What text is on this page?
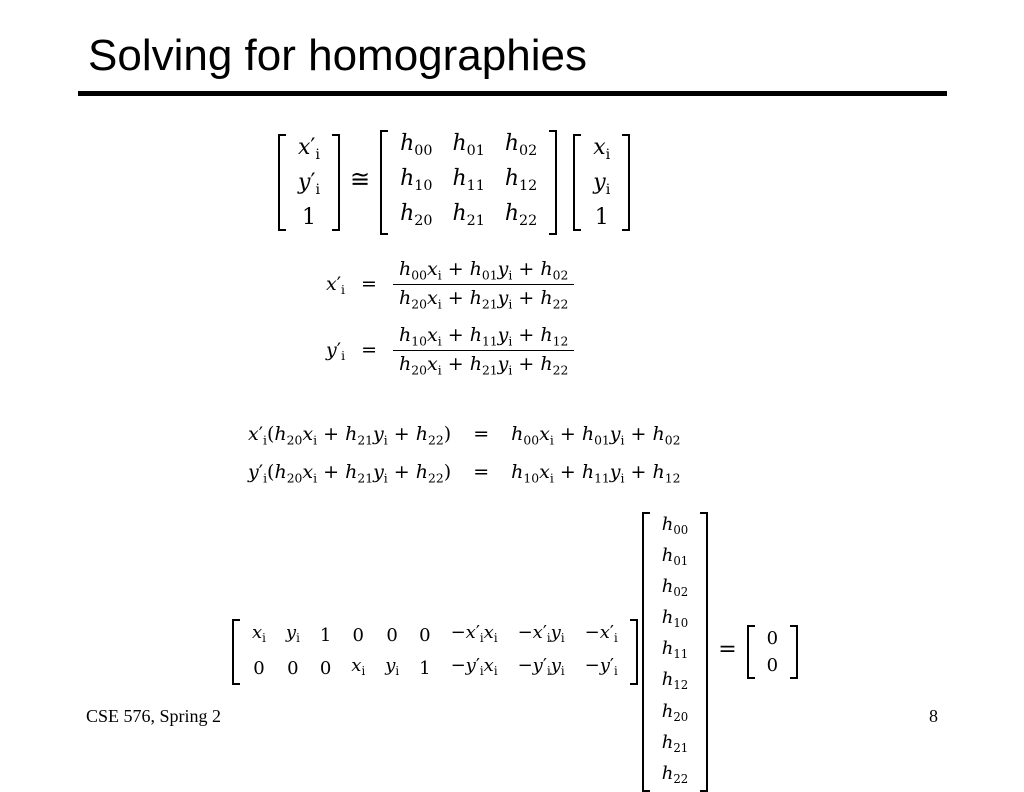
Solving for homographies
$x'_i$
$y'_i$
1
≅
$h_{00}$	$h_{01}$	$h_{02}$
$h_{10}$	$h_{11}$	$h_{12}$
$h_{20}$	$h_{21}$	$h_{22}$
$x_i$
$y_i$
1
$x'_i = \frac{h_{00}x_i + h_{01}y_i + h_{02}}{h_{20}x_i + h_{21}y_i + h_{22}}$
$y'_i = \frac{h_{10}x_i + h_{11}y_i + h_{12}}{h_{20}x_i + h_{21}y_i + h_{22}}$
$x'_i(h_{20}x_i + h_{21}y_i + h_{22}) = h_{00}x_i + h_{01}y_i + h_{02}$
$y'_i(h_{20}x_i + h_{21}y_i + h_{22}) = h_{10}x_i + h_{11}y_i + h_{12}$
$x_i$	$y_i$	1	0	0	0	$-x'_ix_i$	$-x'_iy_i$	$-x'_i$
0	0	0	$x_i$	$y_i$	1	$-y'_ix_i$	$-y'_iy_i$	$-y'_i$
$h_{00}$
$h_{01}$
$h_{02}$
$h_{10}$
$h_{11}$
$h_{12}$
$h_{20}$
$h_{21}$
$h_{22}$
= 0
0
CSE 576, Spring 2	8
